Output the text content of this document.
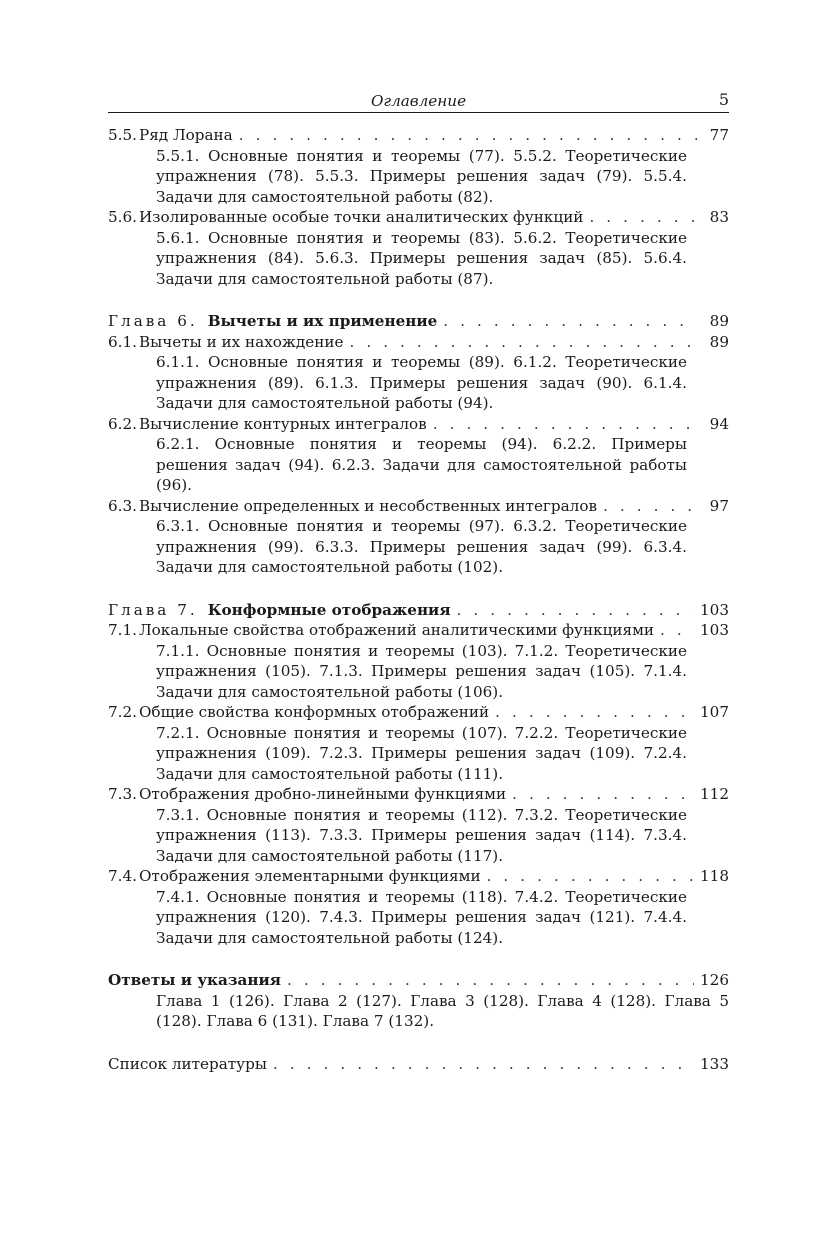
Оглавление	5
5.5. Ряд Лорана . . .	77
5.5.1. Основные понятия и теоремы (77). 5.5.2. Теоретические упражнения (78). 5.5.3. Примеры решения задач (79). 5.5.4. Задачи для самостоятельной работы (82).
5.6. Изолированные особые точки аналитических функций . . .	83
5.6.1. Основные понятия и теоремы (83). 5.6.2. Теоретические упражнения (84). 5.6.3. Примеры решения задач (85). 5.6.4. Задачи для самостоятельной работы (87).
Глава 6. Вычеты и их применение . . .	89
6.1. Вычеты и их нахождение . . .	89
6.1.1. Основные понятия и теоремы (89). 6.1.2. Теоретические упражнения (89). 6.1.3. Примеры решения задач (90). 6.1.4. Задачи для самостоятельной работы (94).
6.2. Вычисление контурных интегралов . . .	94
6.2.1. Основные понятия и теоремы (94). 6.2.2. Примеры решения задач (94). 6.2.3. Задачи для самостоятельной работы (96).
6.3. Вычисление определенных и несобственных интегралов . . .	97
6.3.1. Основные понятия и теоремы (97). 6.3.2. Теоретические упражнения (99). 6.3.3. Примеры решения задач (99). 6.3.4. Задачи для самостоятельной работы (102).
Глава 7. Конформные отображения . . .	103
7.1. Локальные свойства отображений аналитическими функциями . . .	103
7.1.1. Основные понятия и теоремы (103). 7.1.2. Теоретические упражнения (105). 7.1.3. Примеры решения задач (105). 7.1.4. Задачи для самостоятельной работы (106).
7.2. Общие свойства конформных отображений . . .	107
7.2.1. Основные понятия и теоремы (107). 7.2.2. Теоретические упражнения (109). 7.2.3. Примеры решения задач (109). 7.2.4. Задачи для самостоятельной работы (111).
7.3. Отображения дробно-линейными функциями . . .	112
7.3.1. Основные понятия и теоремы (112). 7.3.2. Теоретические упражнения (113). 7.3.3. Примеры решения задач (114). 7.3.4. Задачи для самостоятельной работы (117).
7.4. Отображения элементарными функциями . . .	118
7.4.1. Основные понятия и теоремы (118). 7.4.2. Теоретические упражнения (120). 7.4.3. Примеры решения задач (121). 7.4.4. Задачи для самостоятельной работы (124).
Ответы и указания . . .	126
Глава 1 (126). Глава 2 (127). Глава 3 (128). Глава 4 (128). Глава 5 (128). Глава 6 (131). Глава 7 (132).
Список литературы . . .	133
